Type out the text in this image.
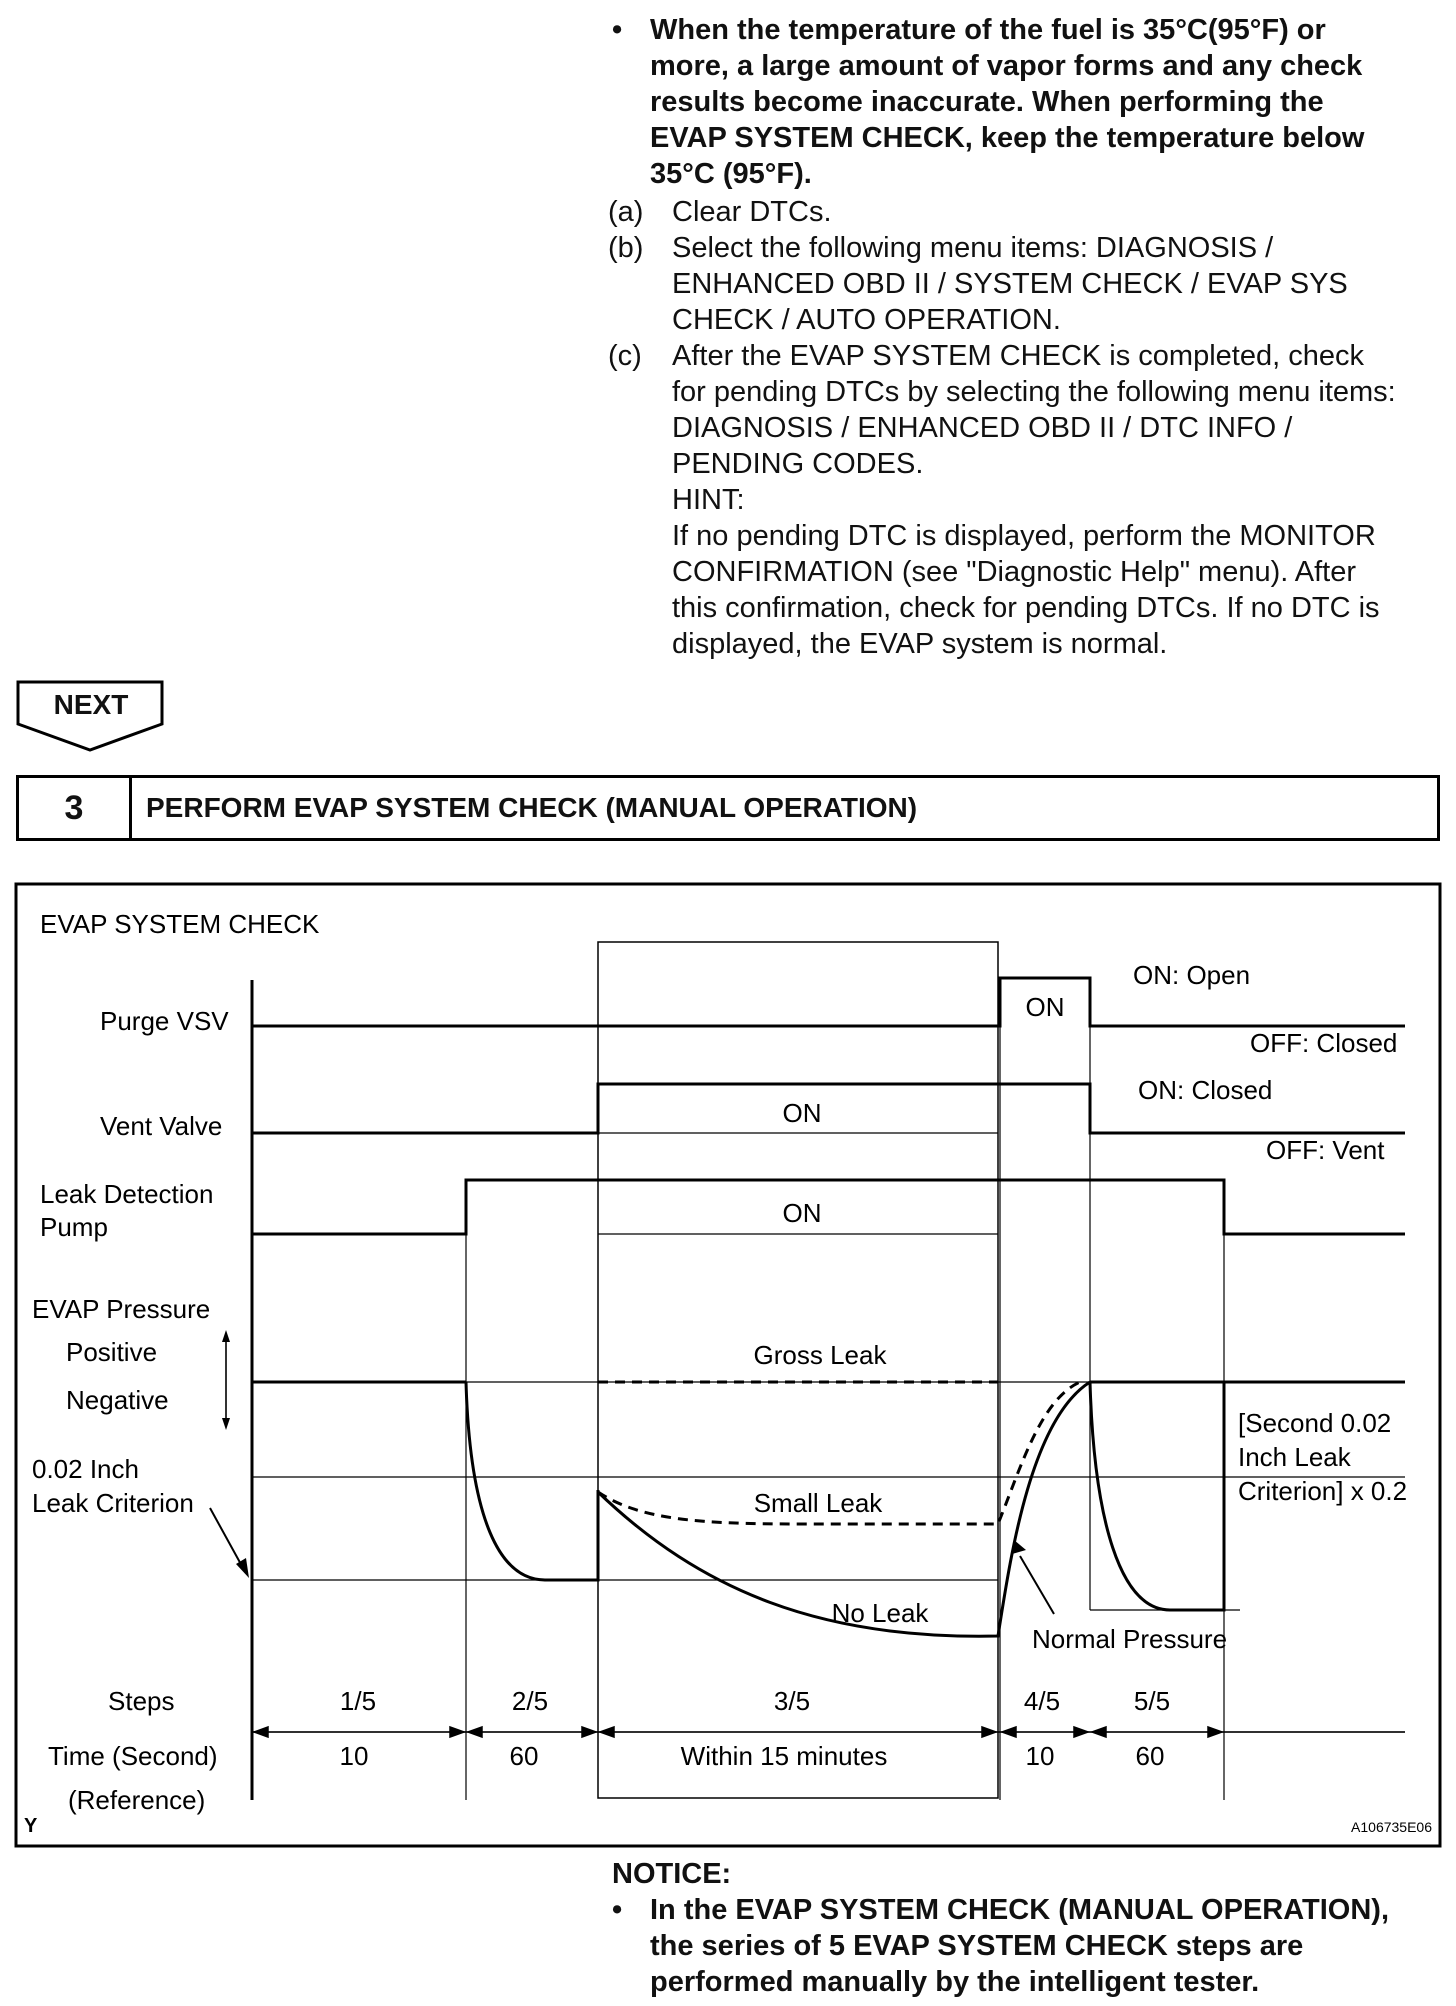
• When the temperature of the fuel is 35°C(95°F) or
more, a large amount of vapor forms and any check
results become inaccurate. When performing the
EVAP SYSTEM CHECK, keep the temperature below
35°C (95°F).
(a) Clear DTCs.
(b) Select the following menu items: DIAGNOSIS /
ENHANCED OBD II / SYSTEM CHECK / EVAP SYS
CHECK / AUTO OPERATION.
(c) After the EVAP SYSTEM CHECK is completed, check
for pending DTCs by selecting the following menu items:
DIAGNOSIS / ENHANCED OBD II / DTC INFO /
PENDING CODES.
HINT:
If no pending DTC is displayed, perform the MONITOR
CONFIRMATION (see "Diagnostic Help" menu). After
this confirmation, check for pending DTCs. If no DTC is
displayed, the EVAP system is normal.
NEXT
3	PERFORM EVAP SYSTEM CHECK (MANUAL OPERATION)
EVAP SYSTEM CHECK
Purge VSV
Vent Valve
Leak Detection
Pump
EVAP Pressure
Positive
Negative
0.02 Inch
Leak Criterion
ON
ON: Open
OFF: Closed
ON
ON: Closed
OFF: Vent
ON
Gross Leak
Small Leak
No Leak
Normal Pressure
[Second 0.02
Inch Leak
Criterion] x 0.2
Steps
Time (Second)
(Reference)
1/5	2/5	3/5	4/5	5/5
10	60	Within 15 minutes	10	60
Y	A106735E06
NOTICE:
• In the EVAP SYSTEM CHECK (MANUAL OPERATION),
the series of 5 EVAP SYSTEM CHECK steps are
performed manually by the intelligent tester.
